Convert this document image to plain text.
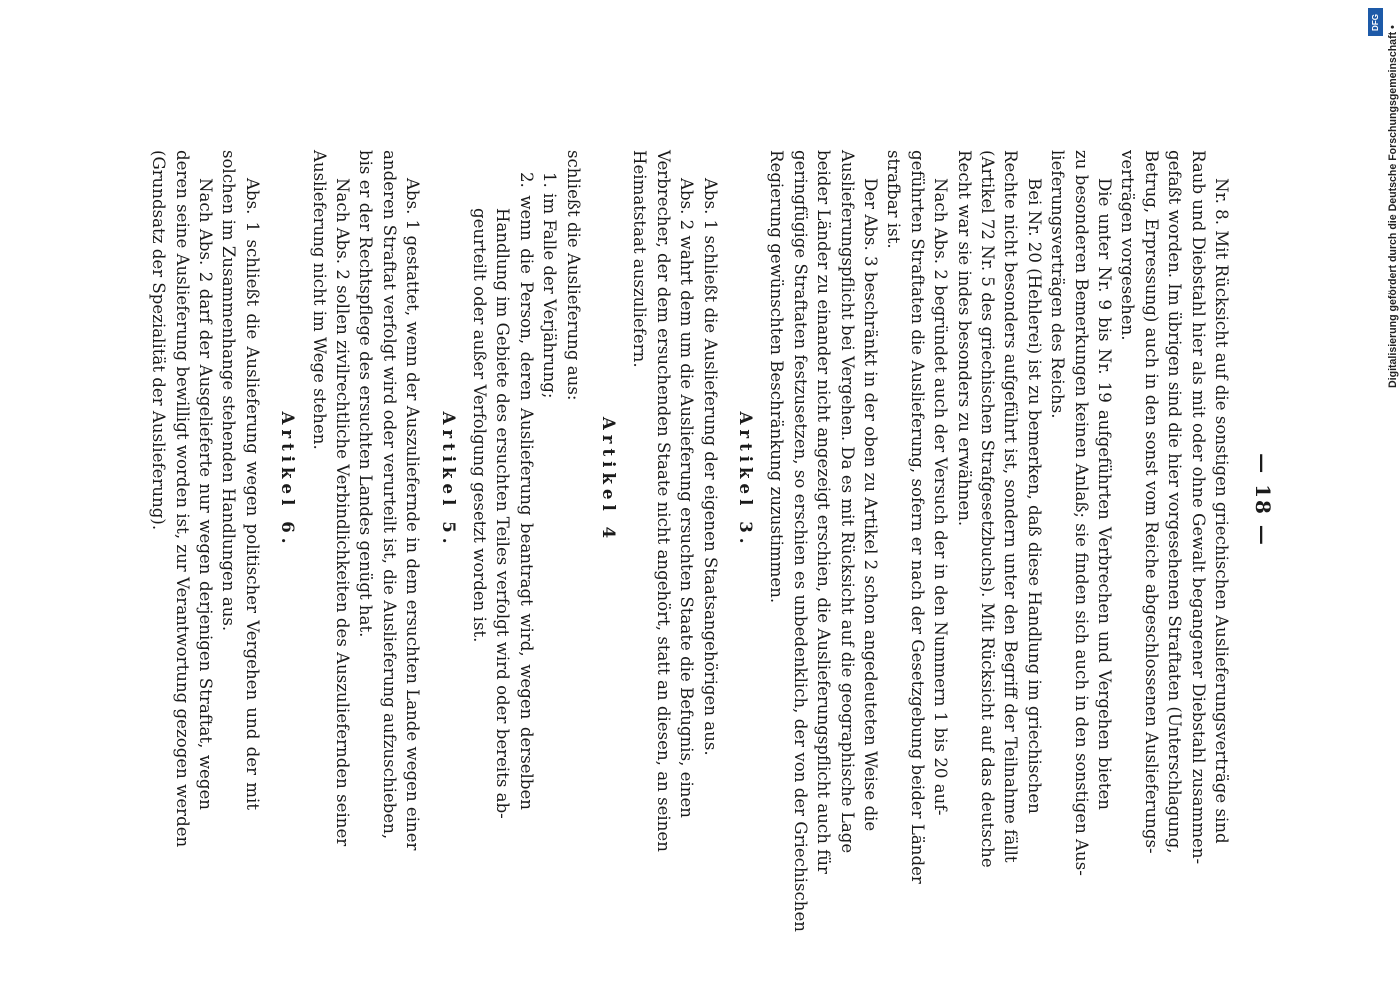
— 18 —
Nr. 8. Mit Rücksicht auf die sonstigen griechischen Auslieferungsverträge sind
Raub und Diebstahl hier als mit oder ohne Gewalt begangener Diebstahl zusammen-
gefaßt worden. Im übrigen sind die hier vorgesehenen Straftaten (Unterschlagung,
Betrug, Erpressung) auch in den sonst vom Reiche abgeschlossenen Auslieferungs-
verträgen vorgesehen.
Die unter Nr. 9 bis Nr. 19 aufgeführten Verbrechen und Vergehen bieten
zu besonderen Bemerkungen keinen Anlaß; sie finden sich auch in den sonstigen Aus-
lieferungsverträgen des Reichs.
Bei Nr. 20 (Hehlerei) ist zu bemerken, daß diese Handlung im griechischen
Rechte nicht besonders aufgeführt ist, sondern unter den Begriff der Teilnahme fällt
(Artikel 72 Nr. 5 des griechischen Strafgesetzbuchs). Mit Rücksicht auf das deutsche
Recht war sie indes besonders zu erwähnen.
Nach Abs. 2 begründet auch der Versuch der in den Nummern 1 bis 20 auf-
geführten Straftaten die Auslieferung, sofern er nach der Gesetzgebung beider Länder
strafbar ist.
Der Abs. 3 beschränkt in der oben zu Artikel 2 schon angedeuteten Weise die
Auslieferungspflicht bei Vergehen. Da es mit Rücksicht auf die geographische Lage
beider Länder zu einander nicht angezeigt erschien, die Auslieferungspflicht auch für
geringfügige Straftaten festzusetzen, so erschien es unbedenklich, der von der Griechischen
Regierung gewünschten Beschränkung zuzustimmen.
Artikel 3.
Abs. 1 schließt die Auslieferung der eigenen Staatsangehörigen aus.
Abs. 2 wahrt dem um die Auslieferung ersuchten Staate die Befugnis, einen
Verbrecher, der dem ersuchenden Staate nicht angehört, statt an diesen, an seinen
Heimatstaat auszuliefern.
Artikel 4
schließt die Auslieferung aus:
1. im Falle der Verjährung;
2. wenn die Person, deren Auslieferung beantragt wird, wegen derselben
Handlung im Gebiete des ersuchten Teiles verfolgt wird oder bereits ab-
geurteilt oder außer Verfolgung gesetzt worden ist.
Artikel 5.
Abs. 1 gestattet, wenn der Auszuliefernde in dem ersuchten Lande wegen einer
anderen Straftat verfolgt wird oder verurteilt ist, die Auslieferung aufzuschieben,
bis er der Rechtspflege des ersuchten Landes genügt hat.
Nach Abs. 2 sollen zivilrechtliche Verbindlichkeiten des Auszuliefernden seiner
Auslieferung nicht im Wege stehen.
Artikel 6.
Abs. 1 schließt die Auslieferung wegen politischer Vergehen und der mit
solchen im Zusammenhange stehenden Handlungen aus.
Nach Abs. 2 darf der Ausgelieferte nur wegen derjenigen Straftat, wegen
deren seine Auslieferung bewilligt worden ist, zur Verantwortung gezogen werden
(Grundsatz der Spezialität der Auslieferung).	Digitalisierung gefördert durch die Deutsche Forschungsgemeinschaft •
DFG
